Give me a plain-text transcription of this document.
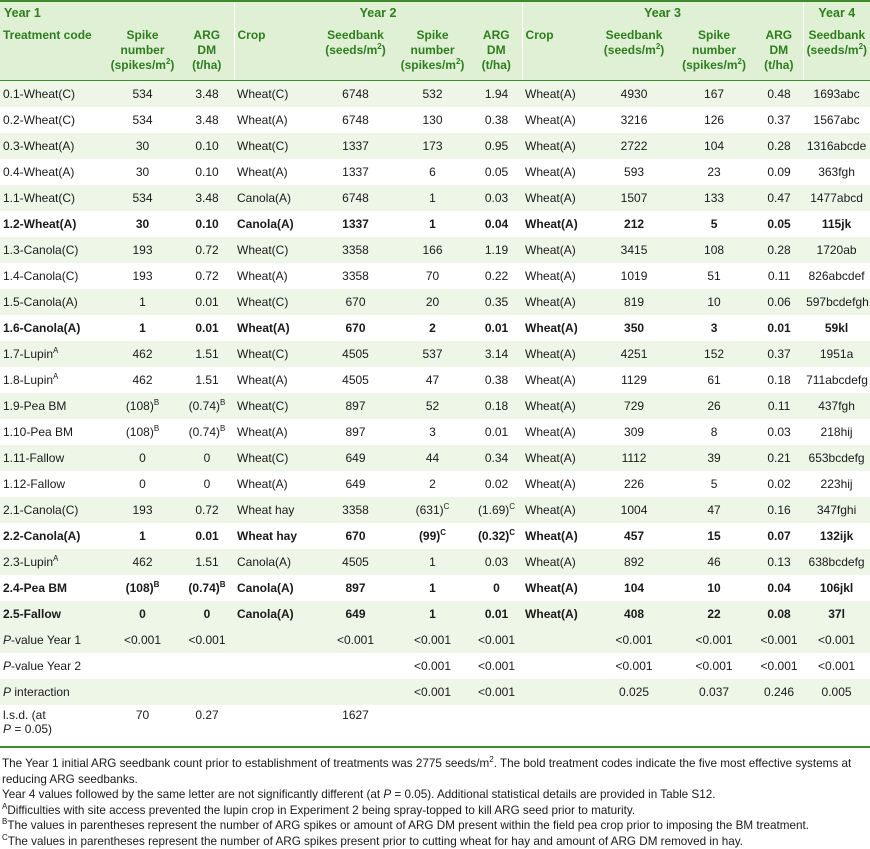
Year 1			Year 2				Year 3				Year 4
Treatment code	Spike number $(spikes/m^2)$	ARG DM (t/ha)	Crop	Seedbank $(seeds/m^2)$	Spike number $(spikes/m^2)$	ARG DM (t/ha)	Crop	Seedbank $(seeds/m^2)$	Spike number $(spikes/m^2)$	ARG DM (t/ha)	Seedbank $(seeds/m^2)$
0.1-Wheat(C)	534	3.48	Wheat(C)	6748	532	1.94	Wheat(A)	4930	167	0.48	1693abc
0.2-Wheat(C)	534	3.48	Wheat(A)	6748	130	0.38	Wheat(A)	3216	126	0.37	1567abc
0.3-Wheat(A)	30	0.10	Wheat(C)	1337	173	0.95	Wheat(A)	2722	104	0.28	1316abcde
0.4-Wheat(A)	30	0.10	Wheat(A)	1337	6	0.05	Wheat(A)	593	23	0.09	363fgh
1.1-Wheat(C)	534	3.48	Canola(A)	6748	1	0.03	Wheat(A)	1507	133	0.47	1477abcd
1.2-Wheat(A)	30	0.10	Canola(A)	1337	1	0.04	Wheat(A)	212	5	0.05	115jk
1.3-Canola(C)	193	0.72	Wheat(C)	3358	166	1.19	Wheat(A)	3415	108	0.28	1720ab
1.4-Canola(C)	193	0.72	Wheat(A)	3358	70	0.22	Wheat(A)	1019	51	0.11	826abcdef
1.5-Canola(A)	1	0.01	Wheat(C)	670	20	0.35	Wheat(A)	819	10	0.06	597bcdefgh
1.6-Canola(A)	1	0.01	Wheat(A)	670	2	0.01	Wheat(A)	350	3	0.01	59kl
1.7-Lupin$^A$	462	1.51	Wheat(C)	4505	537	3.14	Wheat(A)	4251	152	0.37	1951a
1.8-Lupin$^A$	462	1.51	Wheat(A)	4505	47	0.38	Wheat(A)	1129	61	0.18	711abcdefg
1.9-Pea BM	$(108)^B$	$(0.74)^B$	Wheat(C)	897	52	0.18	Wheat(A)	729	26	0.11	437fgh
1.10-Pea BM	$(108)^B$	$(0.74)^B$	Wheat(A)	897	3	0.01	Wheat(A)	309	8	0.03	218hij
1.11-Fallow	0	0	Wheat(C)	649	44	0.34	Wheat(A)	1112	39	0.21	653bcdefg
1.12-Fallow	0	0	Wheat(A)	649	2	0.02	Wheat(A)	226	5	0.02	223hij
2.1-Canola(C)	193	0.72	Wheat hay	3358	$(631)^C$	$(1.69)^C$	Wheat(A)	1004	47	0.16	347fghi
2.2-Canola(A)	1	0.01	Wheat hay	670	$(99)^C$	$(0.32)^C$	Wheat(A)	457	15	0.07	132ijk
2.3-Lupin$^A$	462	1.51	Canola(A)	4505	1	0.03	Wheat(A)	892	46	0.13	638bcdefg
2.4-Pea BM	$(108)^B$	$(0.74)^B$	Canola(A)	897	1	0	Wheat(A)	104	10	0.04	106jkl
2.5-Fallow	0	0	Canola(A)	649	1	0.01	Wheat(A)	408	22	0.08	37l
P-value Year 1	<0.001	<0.001		<0.001	<0.001	<0.001		<0.001	<0.001	<0.001	<0.001
P-value Year 2					<0.001	<0.001		<0.001	<0.001	<0.001	<0.001
P interaction					<0.001	<0.001		0.025	0.037	0.246	0.005
l.s.d. (at
P = 0.05)	70	0.27		1627							
The Year 1 initial ARG seedbank count prior to establishment of treatments was 2775 seeds/$m^2$. The bold treatment codes indicate the five most effective systems at reducing ARG seedbanks.
Year 4 values followed by the same letter are not significantly different (at P = 0.05). Additional statistical details are provided in Table S12.
$^A$Difficulties with site access prevented the lupin crop in Experiment 2 being spray-topped to kill ARG seed prior to maturity.
$^B$The values in parentheses represent the number of ARG spikes or amount of ARG DM present within the field pea crop prior to imposing the BM treatment.
$^C$The values in parentheses represent the number of ARG spikes present prior to cutting wheat for hay and amount of ARG DM removed in hay.
